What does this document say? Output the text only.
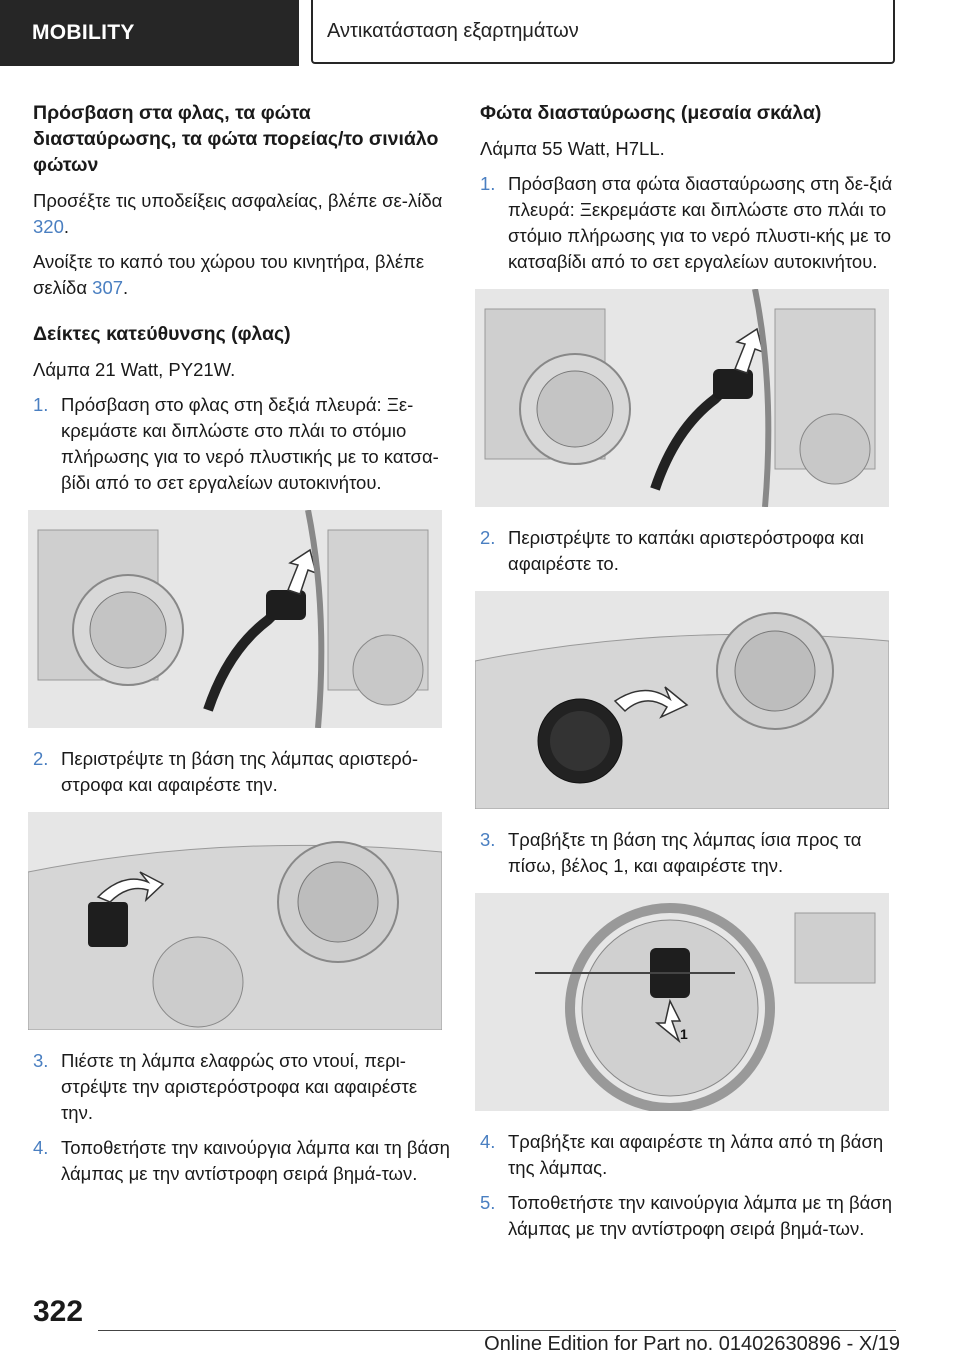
MOBILITY	Αντικατάσταση εξαρτημάτων
Πρόσβαση στα φλας, τα φώτα διασταύρωσης, τα φώτα πορείας/το σινιάλο φώτων

Προσέξτε τις υποδείξεις ασφαλείας, βλέπε σε-λίδα 320.

Ανοίξτε το καπό του χώρου του κινητήρα, βλέπε σελίδα 307.

Δείκτες κατεύθυνσης (φλας)

Λάμπα 21 Watt, PY21W.

1. Πρόσβαση στο φλας στη δεξιά πλευρά: Ξε-κρεμάστε και διπλώστε στο πλάι το στόμιο πλήρωσης για το νερό πλυστικής με το κατσα-βίδι από το σετ εργαλείων αυτοκινήτου.
2. Περιστρέψτε τη βάση της λάμπας αριστερό-στροφα και αφαιρέστε την.
3. Πιέστε τη λάμπα ελαφρώς στο ντουί, περι-στρέψτε την αριστερόστροφα και αφαιρέστε την.
4. Τοποθετήστε την καινούργια λάμπα και τη βάση λάμπας με την αντίστροφη σειρά βημά-των.
Φώτα διασταύρωσης (μεσαία σκάλα)

Λάμπα 55 Watt, H7LL.

1. Πρόσβαση στα φώτα διασταύρωσης στη δε-ξιά πλευρά: Ξεκρεμάστε και διπλώστε στο πλάι το στόμιο πλήρωσης για το νερό πλυστι-κής με το κατσαβίδι από το σετ εργαλείων αυτοκινήτου.
2. Περιστρέψτε το καπάκι αριστερόστροφα και αφαιρέστε το.
3. Τραβήξτε τη βάση της λάμπας ίσια προς τα πίσω, βέλος 1, και αφαιρέστε την.
1
4. Τραβήξτε και αφαιρέστε τη λάπα από τη βάση της λάμπας.
5. Τοποθετήστε την καινούργια λάμπα με τη βάση λάμπας με την αντίστροφη σειρά βημά-των.
322
Online Edition for Part no. 01402630896 - X/19
